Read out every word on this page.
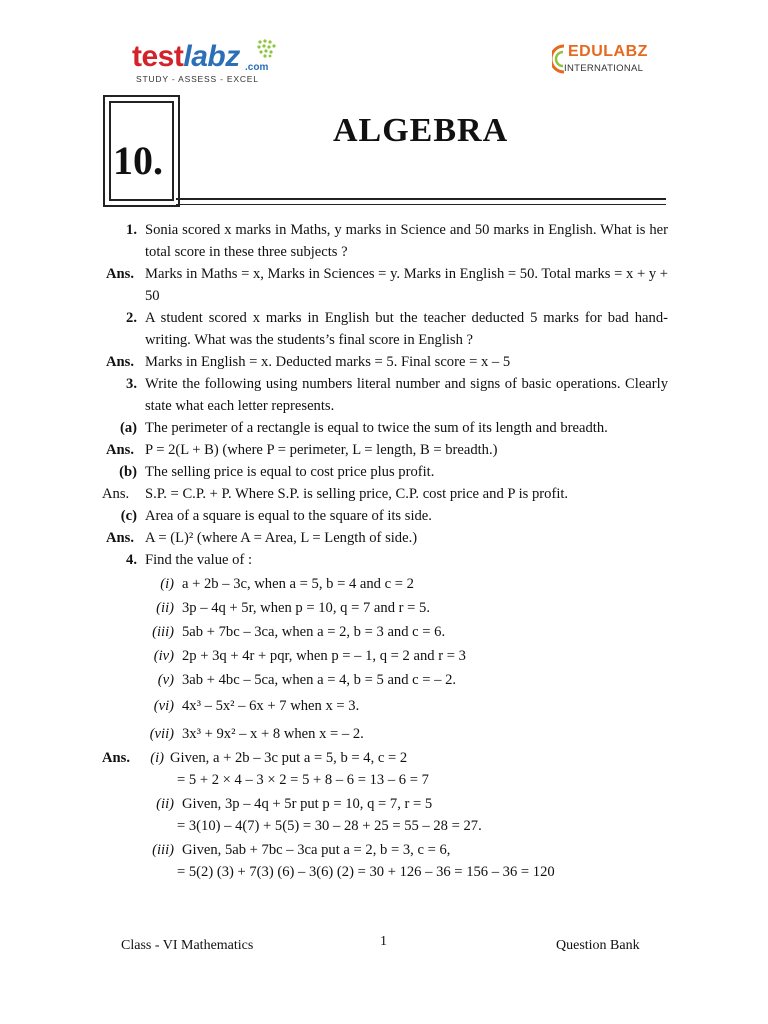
testlabz .com
STUDY - ASSESS - EXCEL
EDULABZ
INTERNATIONAL
10.
ALGEBRA
1. Sonia scored x marks in Maths, y marks in Science and 50 marks in English. What is her total score in these three subjects ?
Ans. Marks in Maths = x, Marks in Sciences = y. Marks in English = 50. Total marks = x + y + 50
2. A student scored x marks in English but the teacher deducted 5 marks for bad hand-writing. What was the students’s final score in English ?
Ans. Marks in English = x. Deducted marks = 5. Final score = x – 5
3. Write the following using numbers literal number and signs of basic operations. Clearly state what each letter represents.
(a) The perimeter of a rectangle is equal to twice the sum of its length and breadth.
Ans. P = 2(L + B) (where P = perimeter, L = length, B = breadth.)
(b) The selling price is equal to cost price plus profit.
Ans.	S.P. = C.P. + P. Where S.P. is selling price, C.P. cost price and P is profit.
(c) Area of a square is equal to the square of its side.
Ans. A = (L)² (where A = Area, L = Length of side.)
4. Find the value of :
(i) a + 2b – 3c, when a = 5, b = 4 and c = 2
(ii) 3p – 4q + 5r, when p = 10, q = 7 and r = 5.
(iii) 5ab + 7bc – 3ca, when a = 2, b = 3 and c = 6.
(iv) 2p + 3q + 4r + pqr, when p = – 1, q = 2 and r = 3
(v) 3ab + 4bc – 5ca, when a = 4, b = 5 and c = – 2.
(vi) 4x³ – 5x² – 6x + 7 when x = 3.
(vii) 3x³ + 9x² – x + 8 when x = – 2.
Ans.	(i) Given, a + 2b – 3c put a = 5, b = 4, c = 2
= 5 + 2 × 4 – 3 × 2 = 5 + 8 – 6 = 13 – 6 = 7
(ii) Given, 3p – 4q + 5r put p = 10, q = 7, r = 5
= 3(10) – 4(7) + 5(5) = 30 – 28 + 25 = 55 – 28 = 27.
(iii) Given, 5ab + 7bc – 3ca put a = 2, b = 3, c = 6,
= 5(2) (3) + 7(3) (6) – 3(6) (2) = 30 + 126 – 36 = 156 – 36 = 120
Class - VI Mathematics	1	Question Bank
